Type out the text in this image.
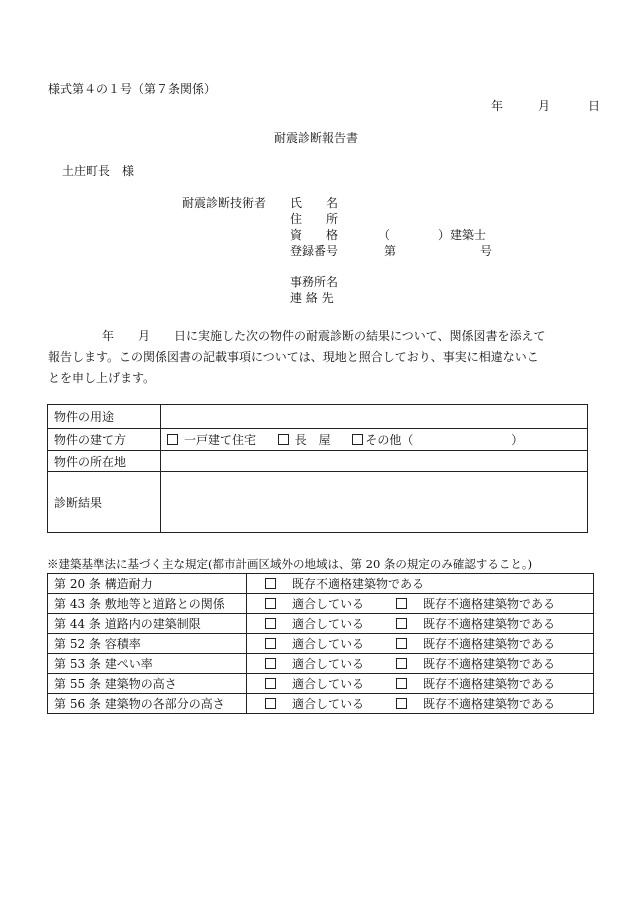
様式第４の１号（第７条関係）
年	月	日
耐震診断報告書
土庄町長　様
耐震診断技術者 氏　　名
住　　所
資　　格	（　　　　）建築士
登録番号	第	号
事務所名
連 絡 先
年　　月　　日に実施した次の物件の耐震診断の結果について、関係図書を添えて
報告します。この関係図書の記載事項については、現地と照合しており、事実に相違ないこ
とを申し上げます。
物件の用途	
物件の建て方	一戸建て住宅 長　屋 その他（ ）
物件の所在地	
診断結果	
※建築基準法に基づく主な規定(都市計画区域外の地域は、第 20 条の規定のみ確認すること。)
第 20 条 構造耐力	既存不適格建築物である
第 43 条 敷地等と道路との関係	適合している 既存不適格建築物である
第 44 条 道路内の建築制限	適合している 既存不適格建築物である
第 52 条 容積率	適合している 既存不適格建築物である
第 53 条 建ぺい率	適合している 既存不適格建築物である
第 55 条 建築物の高さ	適合している 既存不適格建築物である
第 56 条 建築物の各部分の高さ	適合している 既存不適格建築物である
